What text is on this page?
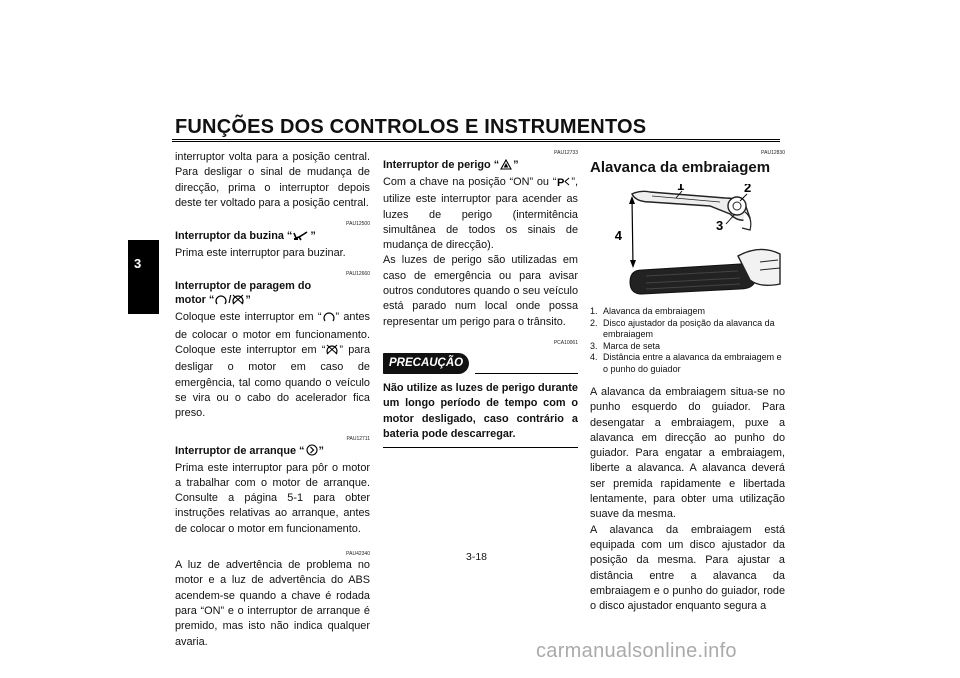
FUNÇÕES DOS CONTROLOS E INSTRUMENTOS
3

interruptor volta para a posição central. Para desligar o sinal de mudança de direcção, prima o interruptor depois deste ter voltado para a posição central.

PAU12500
Interruptor da buzina “ ”

Prima este interruptor para buzinar.

PAU12660
Interruptor de paragem do
motor “ / ”

Coloque este interruptor em “ ” antes de colocar o motor em funcionamento. Coloque este interruptor em “ ” para desligar o motor em caso de emergência, tal como quando o veículo se vira ou o cabo do acelerador fica preso.

PAU12711
Interruptor de arranque “ ”

Prima este interruptor para pôr o motor a trabalhar com o motor de arranque. Consulte a página 5-1 para obter instruções relativas ao arranque, antes de colocar o motor em funcionamento.

PAU42340

A luz de advertência de problema no motor e a luz de advertência do ABS acendem-se quando a chave é rodada para “ON” e o interruptor de arranque é premido, mas isto não indica qualquer avaria.

PAU12733
Interruptor de perigo “ ”

Com a chave na posição “ON” ou “ P ”, utilize este interruptor para acender as luzes de perigo (intermitência simultânea de todos os sinais de mudança de direcção).

As luzes de perigo são utilizadas em caso de emergência ou para avisar outros condutores quando o seu veículo está parado num local onde possa representar um perigo para o trânsito.

PCA10061
PRECAUÇÃO

Não utilize as luzes de perigo durante um longo período de tempo com o motor desligado, caso contrário a bateria pode descarregar.

PAU12830
Alavanca da embraiagem
1	2
3
4
1. Alavanca da embraiagem
2. Disco ajustador da posição da alavanca da embraiagem
3. Marca de seta
4. Distância entre a alavanca da embraiagem e o punho do guiador

A alavanca da embraiagem situa-se no punho esquerdo do guiador. Para desengatar a embraiagem, puxe a alavanca em direcção ao punho do guiador. Para engatar a embraiagem, liberte a alavanca. A alavanca deverá ser premida rapidamente e libertada lentamente, para obter uma utilização suave da mesma.

A alavanca da embraiagem está equipada com um disco ajustador da posição da mesma. Para ajustar a distância entre a alavanca da embraiagem e o punho do guiador, rode o disco ajustador enquanto segura a

3-18
carmanualsonline.info
